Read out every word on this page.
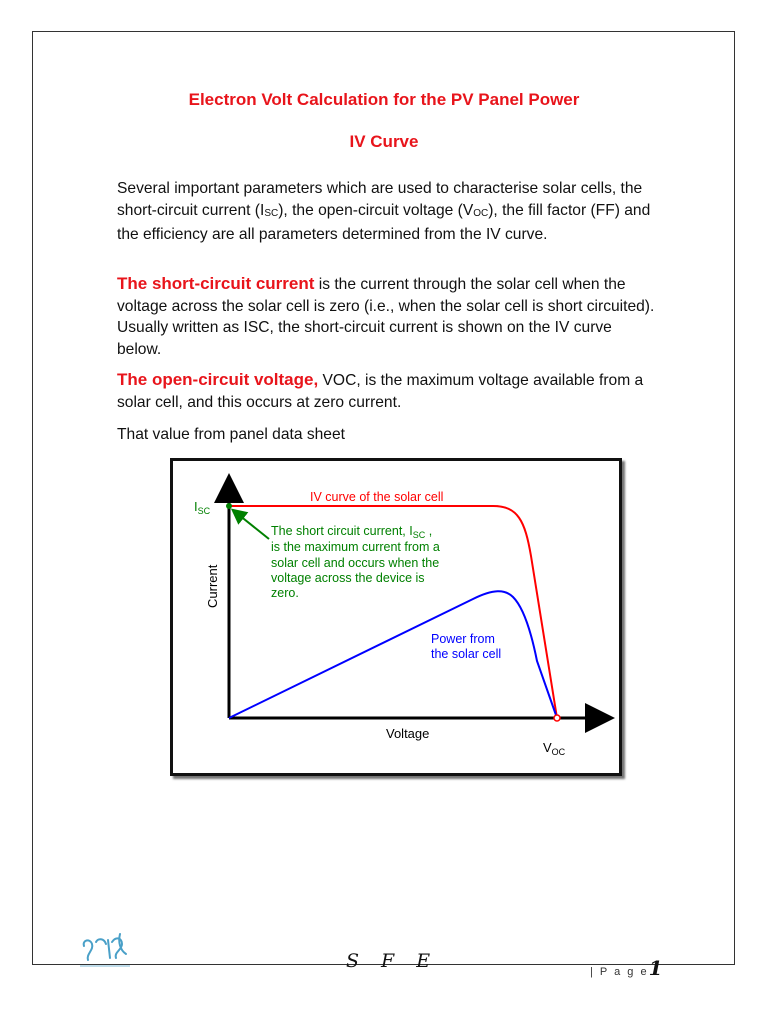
Electron Volt Calculation for the PV Panel Power
IV Curve
Several important parameters which are used to characterise solar cells, the short-circuit current $(I_{SC})$, the open-circuit voltage $(V_{OC})$, the fill factor (FF) and the efficiency are all parameters determined from the IV curve.
The short-circuit current is the current through the solar cell when the voltage across the solar cell is zero (i.e., when the solar cell is short circuited). Usually written as ISC, the short-circuit current is shown on the IV curve below.
The open-circuit voltage, VOC, is the maximum voltage available from a solar cell, and this occurs at zero current.
That value from panel data sheet
$I_{SC}$
Current
Voltage
$V_{OC}$
IV curve of the solar cell
The short circuit current, $I_{SC}$ , is the maximum current from a solar cell and occurs when the voltage across the device is zero.
Power from the solar cell
S F E	| P a g e1
